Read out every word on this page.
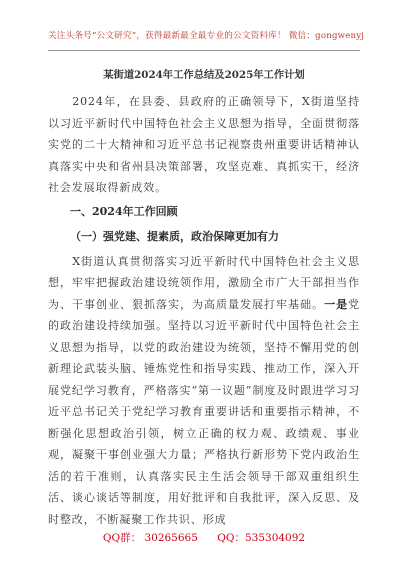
关注头条号“公文研究”，获得最新最全最专业的公文资料库！ 微信：gongwenyj
某街道2024年工作总结及2025年工作计划

2024年，在县委、县政府的正确领导下，X街道坚持以习近平新时代中国特色社会主义思想为指导，全面贯彻落实党的二十大精神和习近平总书记视察贵州重要讲话精神认真落实中央和省州县决策部署，攻坚克难、真抓实干，经济社会发展取得新成效。

一、2024年工作回顾
（一）强党建、提素质，政治保障更加有力

X街道认真贯彻落实习近平新时代中国特色社会主义思想，牢牢把握政治建设统领作用，激励全市广大干部担当作为、干事创业、狠抓落实，为高质量发展打牢基础。一是党的政治建设持续加强。坚持以习近平新时代中国特色社会主义思想为指导，以党的政治建设为统领，坚持不懈用党的创新理论武装头脑、锤炼党性和指导实践、推动工作，深入开展党纪学习教育，严格落实“第一议题”制度及时跟进学习习近平总书记关于党纪学习教育重要讲话和重要指示精神，不断强化思想政治引领，树立正确的权力观、政绩观、事业观，凝聚干事创业强大力量；严格执行新形势下党内政治生活的若干准则，认真落实民主生活会领导干部双重组织生活、谈心谈话等制度，用好批评和自我批评，深入反思、及时整改，不断凝聚工作共识、形成

QQ群： 30265665 QQ：535304092
